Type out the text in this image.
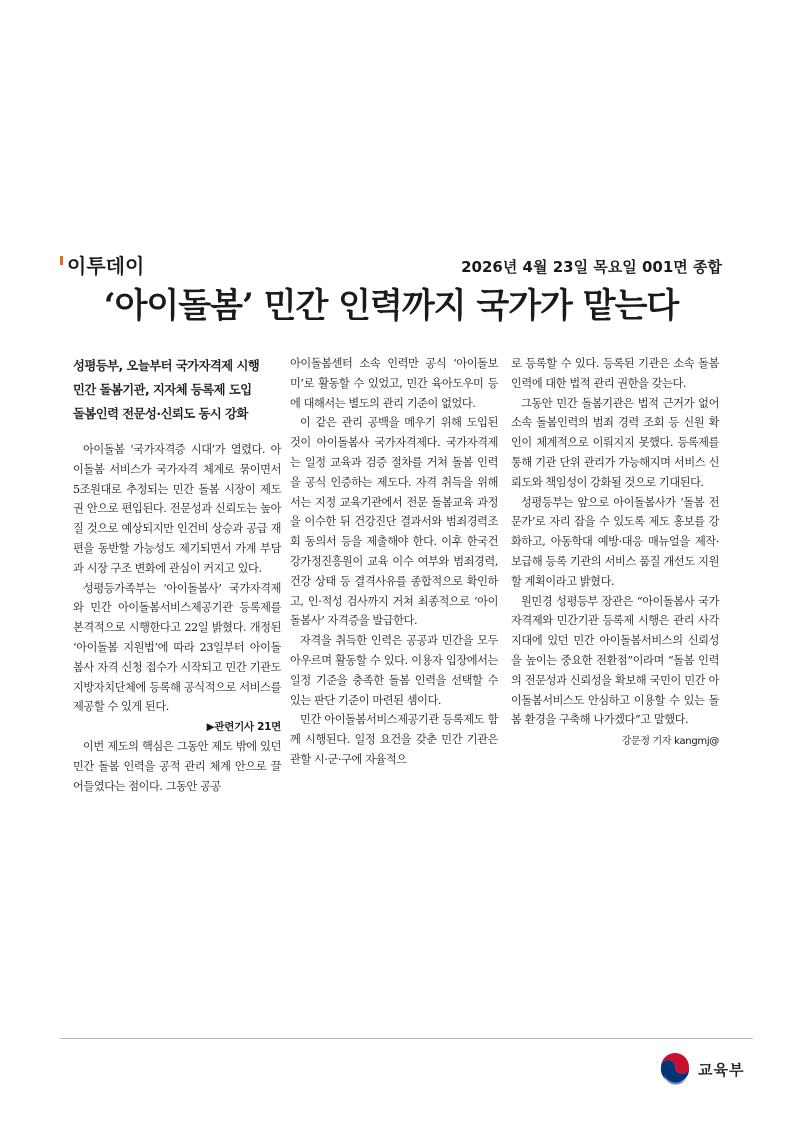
이투데이	2026년 4월 23일 목요일 001면 종합
‘아이돌봄’ 민간 인력까지 국가가 맡는다
성평등부, 오늘부터 국가자격제 시행
민간 돌봄기관, 지자체 등록제 도입
돌봄인력 전문성·신뢰도 동시 강화

아이돌봄 ‘국가자격증 시대’가 열렸다. 아이돌봄 서비스가 국가자격 체계로 묶이면서 5조원대로 추정되는 민간 돌봄 시장이 제도권 안으로 편입된다. 전문성과 신뢰도는 높아질 것으로 예상되지만 인건비 상승과 공급 재편을 동반할 가능성도 제기되면서 가계 부담과 시장 구조 변화에 관심이 커지고 있다.

성평등가족부는 ‘아이돌봄사’ 국가자격제와 민간 아이돌봄서비스제공기관 등록제를 본격적으로 시행한다고 22일 밝혔다. 개정된 ‘아이돌봄 지원법’에 따라 23일부터 아이돌봄사 자격 신청 접수가 시작되고 민간 기관도 지방자치단체에 등록해 공식적으로 서비스를 제공할 수 있게 된다.

▶관련기사 21면

이번 제도의 핵심은 그동안 제도 밖에 있던 민간 돌봄 인력을 공적 관리 체계 안으로 끌어들였다는 점이다. 그동안 공공

아이돌봄센터 소속 인력만 공식 ‘아이돌보미’로 활동할 수 있었고, 민간 육아도우미 등에 대해서는 별도의 관리 기준이 없었다.

이 같은 관리 공백을 메우기 위해 도입된 것이 아이돌봄사 국가자격제다. 국가자격제는 일정 교육과 검증 절차를 거쳐 돌봄 인력을 공식 인증하는 제도다. 자격 취득을 위해서는 지정 교육기관에서 전문 돌봄교육 과정을 이수한 뒤 건강진단 결과서와 범죄경력조회 동의서 등을 제출해야 한다. 이후 한국건강가정진흥원이 교육 이수 여부와 범죄경력, 건강 상태 등 결격사유를 종합적으로 확인하고, 인·적성 검사까지 거쳐 최종적으로 ‘아이돌봄사’ 자격증을 발급한다.

자격을 취득한 인력은 공공과 민간을 모두 아우르며 활동할 수 있다. 이용자 입장에서는 일정 기준을 충족한 돌봄 인력을 선택할 수 있는 판단 기준이 마련된 셈이다.

민간 아이돌봄서비스제공기관 등록제도 함께 시행된다. 일정 요건을 갖춘 민간 기관은 관할 시·군·구에 자율적으

로 등록할 수 있다. 등록된 기관은 소속 돌봄 인력에 대한 법적 관리 권한을 갖는다.

그동안 민간 돌봄기관은 법적 근거가 없어 소속 돌봄인력의 범죄 경력 조회 등 신원 확인이 체계적으로 이뤄지지 못했다. 등록제를 통해 기관 단위 관리가 가능해지며 서비스 신뢰도와 책임성이 강화될 것으로 기대된다.

성평등부는 앞으로 아이돌봄사가 ‘돌봄 전문가’로 자리 잡을 수 있도록 제도 홍보를 강화하고, 아동학대 예방·대응 매뉴얼을 제작·보급해 등록 기관의 서비스 품질 개선도 지원할 계획이라고 밝혔다.

원민경 성평등부 장관은 “아이돌봄사 국가자격제와 민간기관 등록제 시행은 관리 사각지대에 있던 민간 아이돌봄서비스의 신뢰성을 높이는 중요한 전환점”이라며 “돌봄 인력의 전문성과 신뢰성을 확보해 국민이 민간 아이돌봄서비스도 안심하고 이용할 수 있는 돌봄 환경을 구축해 나가겠다”고 말했다.

강문정 기자 kangmj@
교육부
